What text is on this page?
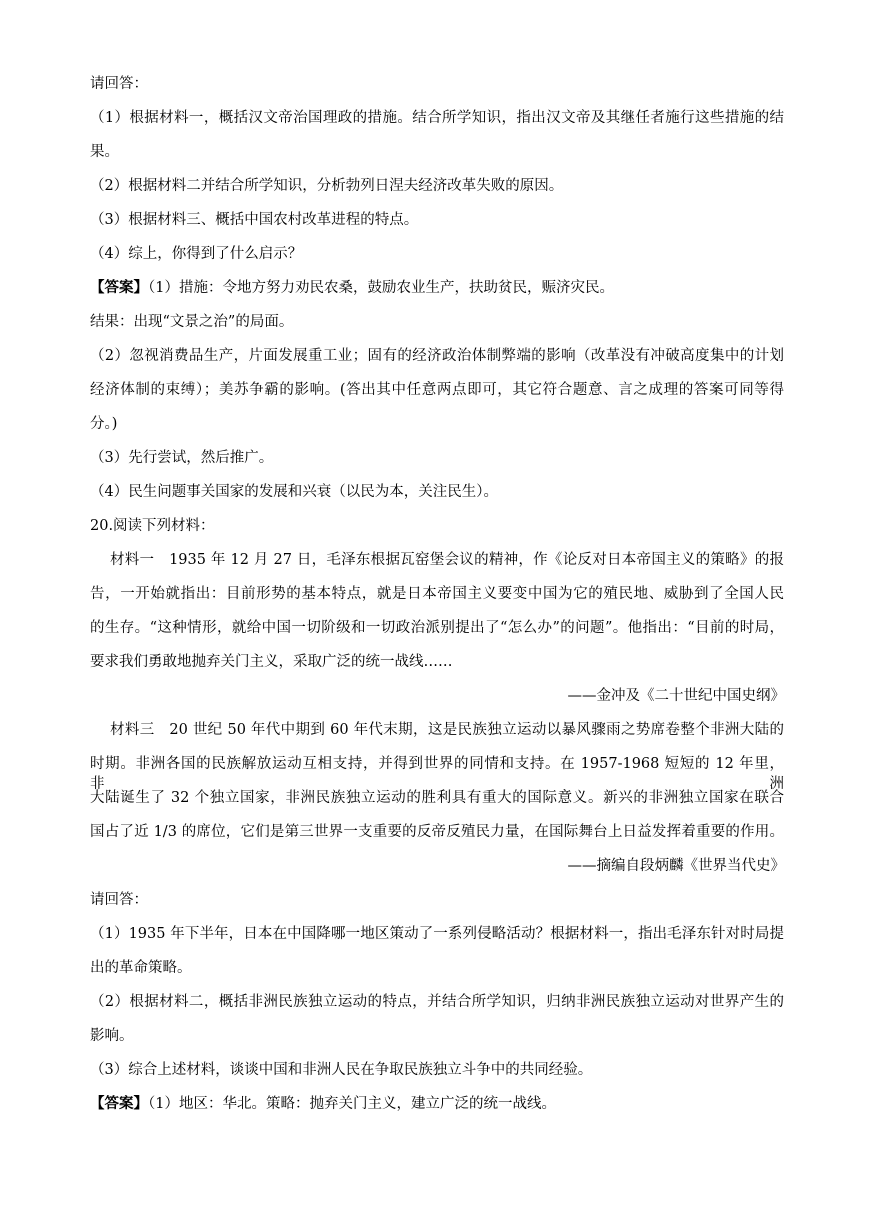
请回答：
（1）根据材料一，概括汉文帝治国理政的措施。结合所学知识，指出汉文帝及其继任者施行这些措施的结
果。
（2）根据材料二并结合所学知识，分析勃列日涅夫经济改革失败的原因。
（3）根据材料三、概括中国农村改革进程的特点。
（4）综上，你得到了什么启示？
【答案】（1）措施：令地方努力劝民农桑，鼓励农业生产，扶助贫民，赈济灾民。
结果：出现“文景之治”的局面。
（2）忽视消费品生产，片面发展重工业；固有的经济政治体制弊端的影响（改革没有冲破高度集中的计划
经济体制的束缚）；美苏争霸的影响。(答出其中任意两点即可，其它符合题意、言之成理的答案可同等得
分。)
（3）先行尝试，然后推广。
（4）民生问题事关国家的发展和兴衰（以民为本，关注民生）。
20.阅读下列材料：
材料一　1935 年 12 月 27 日，毛泽东根据瓦窑堡会议的精神，作《论反对日本帝国主义的策略》的报
告，一开始就指出：目前形势的基本特点，就是日本帝国主义要变中国为它的殖民地、威胁到了全国人民
的生存。“这种情形，就给中国一切阶级和一切政治派别提出了“怎么办”的问题”。他指出：“目前的时局，
要求我们勇敢地抛弃关门主义，采取广泛的统一战线……
——金冲及《二十世纪中国史纲》
材料三　20 世纪 50 年代中期到 60 年代末期，这是民族独立运动以暴风骤雨之势席卷整个非洲大陆的
时期。非洲各国的民族解放运动互相支持，并得到世界的同情和支持。在 1957-1968 短短的 12 年里，非洲
大陆诞生了 32 个独立国家，非洲民族独立运动的胜利具有重大的国际意义。新兴的非洲独立国家在联合
国占了近 1/3 的席位，它们是第三世界一支重要的反帝反殖民力量，在国际舞台上日益发挥着重要的作用。
——摘编自段炳麟《世界当代史》
请回答：
（1）1935 年下半年，日本在中国降哪一地区策动了一系列侵略活动？根据材料一，指出毛泽东针对时局提
出的革命策略。
（2）根据材料二，概括非洲民族独立运动的特点，并结合所学知识，归纳非洲民族独立运动对世界产生的
影响。
（3）综合上述材料，谈谈中国和非洲人民在争取民族独立斗争中的共同经验。
【答案】（1）地区：华北。策略：抛弃关门主义，建立广泛的统一战线。
